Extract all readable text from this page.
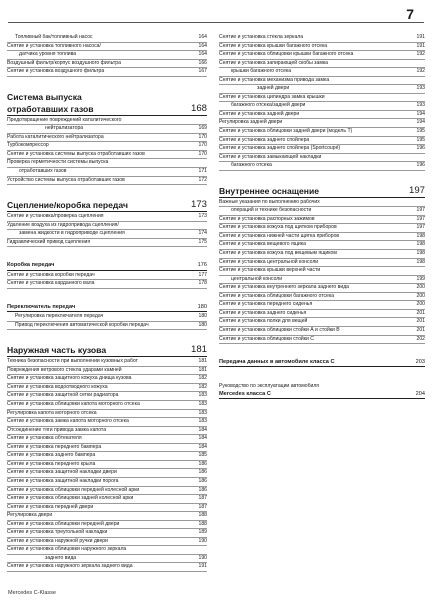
7
Топливный бак/топливный насос	164
Снятие и установка топливного насоса/	164
датчика уровня топлива	164
Воздушный фильтр/корпус воздушного фильтра	166
Снятие и установка воздушного фильтра	167
Система выпуска
отработавших газов	168
Предотвращение повреждений каталитического
нейтрализатора	169
Работа каталитического нейтрализатора	170
Турбокомпрессор	170
Снятие и установка системы выпуска отработавших газов	170
Проверка герметичности системы выпуска
отработавших газов	171
Устройство системы выпуска отработавших газов	172
Сцепление/коробка передач	173
Снятие и установка/проверка сцепления	173
Удаление воздуха из гидропривода сцепления/
замена жидкости в гидроприводе сцепления	174
Гидравлический привод сцепления	175
Коробка передач	176
Снятие и установка коробки передач	177
Снятие и установка карданного вала	178
Переключатель передач	180
Регулировка переключателя передач	180
Привод переключения автоматической коробки передач	180
Наружная часть кузова	181
Техника безопасности при выполнении кузовных работ	181
Повреждения ветрового стекла ударами камней	181
Снятие и установка защитного кожуха днища кузова	182
Снятие и установка водоотводного кожуха	182
Снятие и установка защитной сетки радиатора	183
Снятие и установка облицовки капота моторного отсека	183
Регулировка капота моторного отсека	183
Снятие и установка замка капота моторного отсека	183
Отсоединение тяги привода замка капота	184
Снятие и установка обтекателя	184
Снятие и установка переднего бампера	184
Снятие и установка заднего бампера	185
Снятие и установка переднего крыла	186
Снятие и установка защитной накладки двери	186
Снятие и установка защитной накладки порога	186
Снятие и установка облицовки передней колесной арки	186
Снятие и установка облицовки задней колесной арки	187
Снятие и установка передней двери	187
Регулировка двери	188
Снятие и установка облицовки передней двери	188
Снятие и установка треугольной накладки	189
Снятие и установка наружной ручки двери	190
Снятие и установка облицовки наружного зеркала
заднего вида	190
Снятие и установка наружного зеркала заднего вида	191
Снятие и установка стекла зеркала	191
Снятие и установка крышки багажного отсека	191
Снятие и установка облицовки крышки багажного отсека	192
Снятие и установка запирающей скобы замка
крышки багажного отсека	192
Снятие и установка механизма привода замка
задней двери	193
Снятие и установка цилиндра замка крышки
багажного отсека/задней двери	193
Снятие и установка задней двери	194
Регулировка задней двери	194
Снятие и установка облицовки задней двери (модель T)	195
Снятие и установка заднего спойлера	195
Снятие и установка заднего спойлера (Sportcoupé)	196
Снятие и установка замыкающей накладки
багажного отсека	196
Внутреннее оснащение	197
Важные указания по выполнению рабочих
операций и технике безопасности	197
Снятие и установка распорных зажимов	197
Снятие и установка кожуха под щитком приборов	197
Снятие и установка нижней части щитка приборов	198
Снятие и установка вещевого ящика	198
Снятие и установка кожуха под вещевым ящиком	198
Снятие и установка центральной консоли	198
Снятие и установка крышки верхней части
центральной консоли	199
Снятие и установка внутреннего зеркала заднего вида	200
Снятие и установка облицовки багажного отсека	200
Снятие и установка переднего сиденья	200
Снятие и установка заднего сиденья	201
Снятие и установка полки для вещей	201
Снятие и установка облицовки стойки А и стойки В	201
Снятие и установка облицовки стойки С	202
Передача данных в автомобиле класса C	203
Руководство по эксплуатации автомобиля
Mercedes класса C	204
Mercedes C-Klasse
